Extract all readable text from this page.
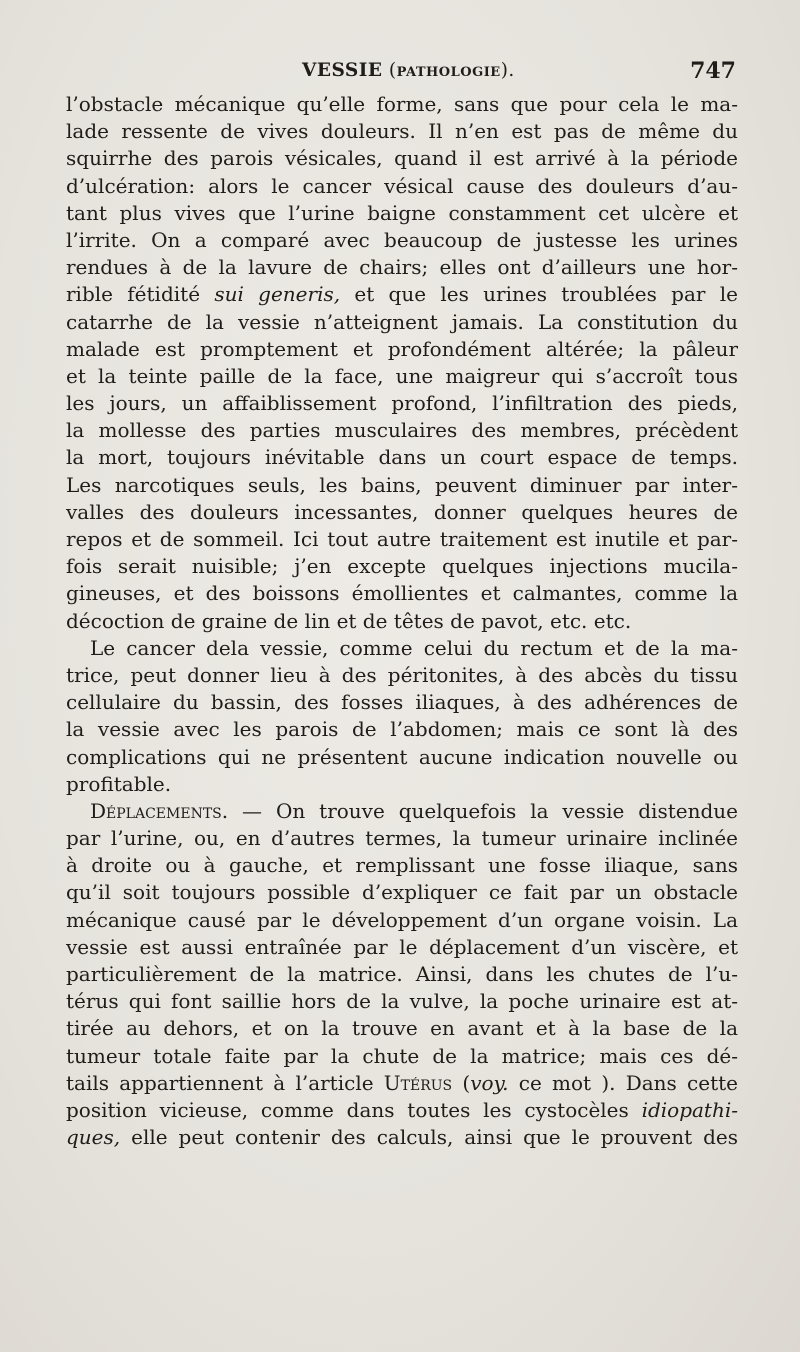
VESSIE (pathologie).	747
l’obstacle mécanique qu’elle forme, sans que pour cela le ma-
lade ressente de vives douleurs. Il n’en est pas de même du
squirrhe des parois vésicales, quand il est arrivé à la période
d’ulcération: alors le cancer vésical cause des douleurs d’au-
tant plus vives que l’urine baigne constamment cet ulcère et
l’irrite. On a comparé avec beaucoup de justesse les urines
rendues à de la lavure de chairs; elles ont d’ailleurs une hor-
rible fétidité sui generis, et que les urines troublées par le
catarrhe de la vessie n’atteignent jamais. La constitution du
malade est promptement et profondément altérée; la pâleur
et la teinte paille de la face, une maigreur qui s’accroît tous
les jours, un affaiblissement profond, l’infiltration des pieds,
la mollesse des parties musculaires des membres, précèdent
la mort, toujours inévitable dans un court espace de temps.
Les narcotiques seuls, les bains, peuvent diminuer par inter-
valles des douleurs incessantes, donner quelques heures de
repos et de sommeil. Ici tout autre traitement est inutile et par-
fois serait nuisible; j’en excepte quelques injections mucila-
gineuses, et des boissons émollientes et calmantes, comme la
décoction de graine de lin et de têtes de pavot, etc. etc.
Le cancer dela vessie, comme celui du rectum et de la ma-
trice, peut donner lieu à des péritonites, à des abcès du tissu
cellulaire du bassin, des fosses iliaques, à des adhérences de
la vessie avec les parois de l’abdomen; mais ce sont là des
complications qui ne présentent aucune indication nouvelle ou
profitable.
Déplacements. — On trouve quelquefois la vessie distendue
par l’urine, ou, en d’autres termes, la tumeur urinaire inclinée
à droite ou à gauche, et remplissant une fosse iliaque, sans
qu’il soit toujours possible d’expliquer ce fait par un obstacle
mécanique causé par le développement d’un organe voisin. La
vessie est aussi entraînée par le déplacement d’un viscère, et
particulièrement de la matrice. Ainsi, dans les chutes de l’u-
térus qui font saillie hors de la vulve, la poche urinaire est at-
tirée au dehors, et on la trouve en avant et à la base de la
tumeur totale faite par la chute de la matrice; mais ces dé-
tails appartiennent à l’article Utérus (voy. ce mot ). Dans cette
position vicieuse, comme dans toutes les cystocèles idiopathi-
ques, elle peut contenir des calculs, ainsi que le prouvent des
